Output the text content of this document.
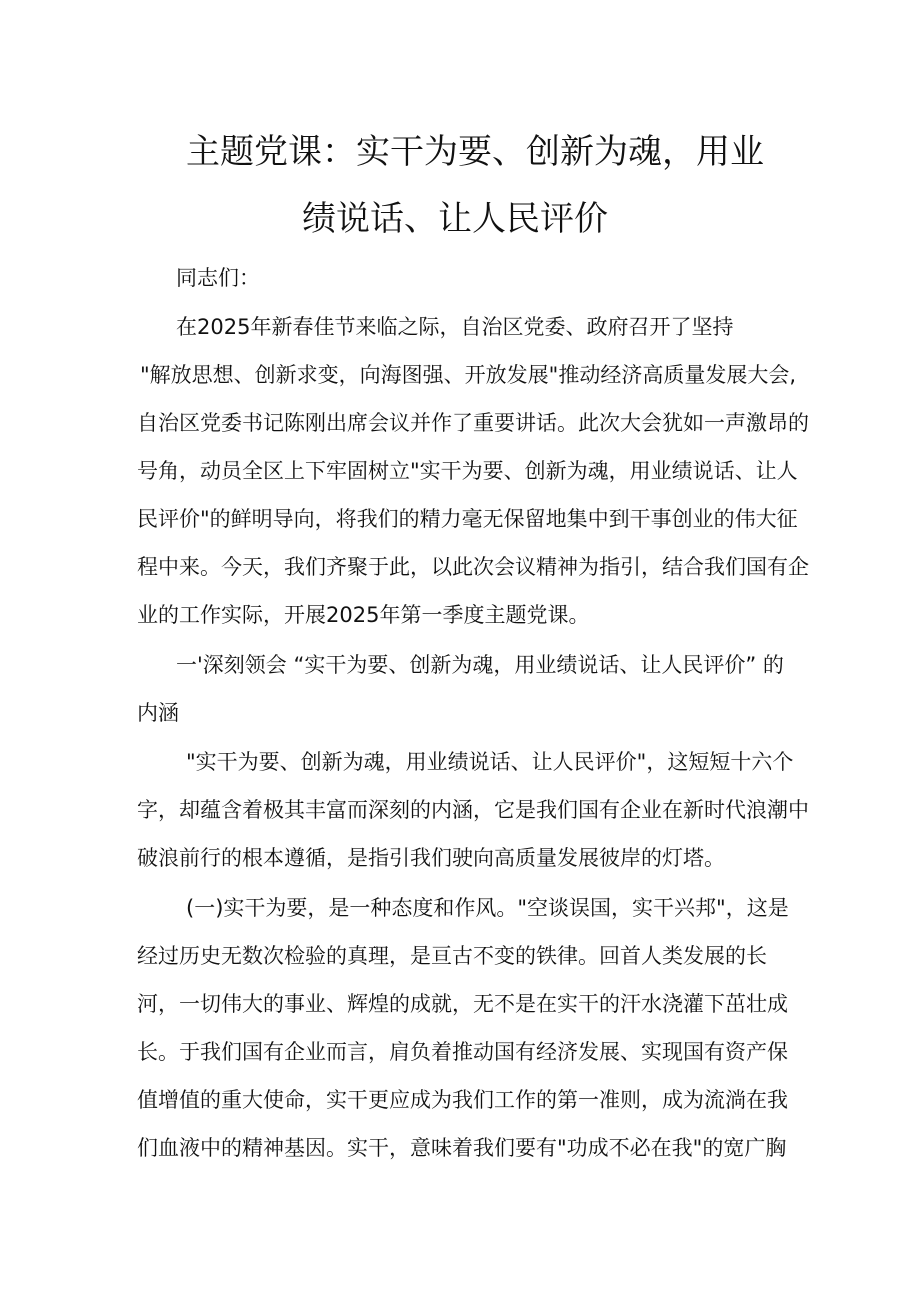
主题党课：实干为要、创新为魂，用业
绩说话、让人民评价
同志们：
在2025年新春佳节来临之际，自治区党委、政府召开了坚持
"解放思想、创新求变，向海图强、开放发展"推动经济高质量发展大会,
自治区党委书记陈刚出席会议并作了重要讲话。此次大会犹如一声激昂的
号角，动员全区上下牢固树立"实干为要、创新为魂，用业绩说话、让人
民评价"的鲜明导向，将我们的精力毫无保留地集中到干事创业的伟大征
程中来。今天，我们齐聚于此，以此次会议精神为指引，结合我们国有企
业的工作实际，开展2025年第一季度主题党课。
一'深刻领会 “实干为要、创新为魂，用业绩说话、让人民评价” 的
内涵
"实干为要、创新为魂，用业绩说话、让人民评价"，这短短十六个
字，却蕴含着极其丰富而深刻的内涵，它是我们国有企业在新时代浪潮中
破浪前行的根本遵循，是指引我们驶向高质量发展彼岸的灯塔。
(一)实干为要，是一种态度和作风。"空谈误国，实干兴邦"，这是
经过历史无数次检验的真理，是亘古不变的铁律。回首人类发展的长
河，一切伟大的事业、辉煌的成就，无不是在实干的汗水浇灌下茁壮成
长。于我们国有企业而言，肩负着推动国有经济发展、实现国有资产保
值增值的重大使命，实干更应成为我们工作的第一准则，成为流淌在我
们血液中的精神基因。实干，意味着我们要有"功成不必在我"的宽广胸
